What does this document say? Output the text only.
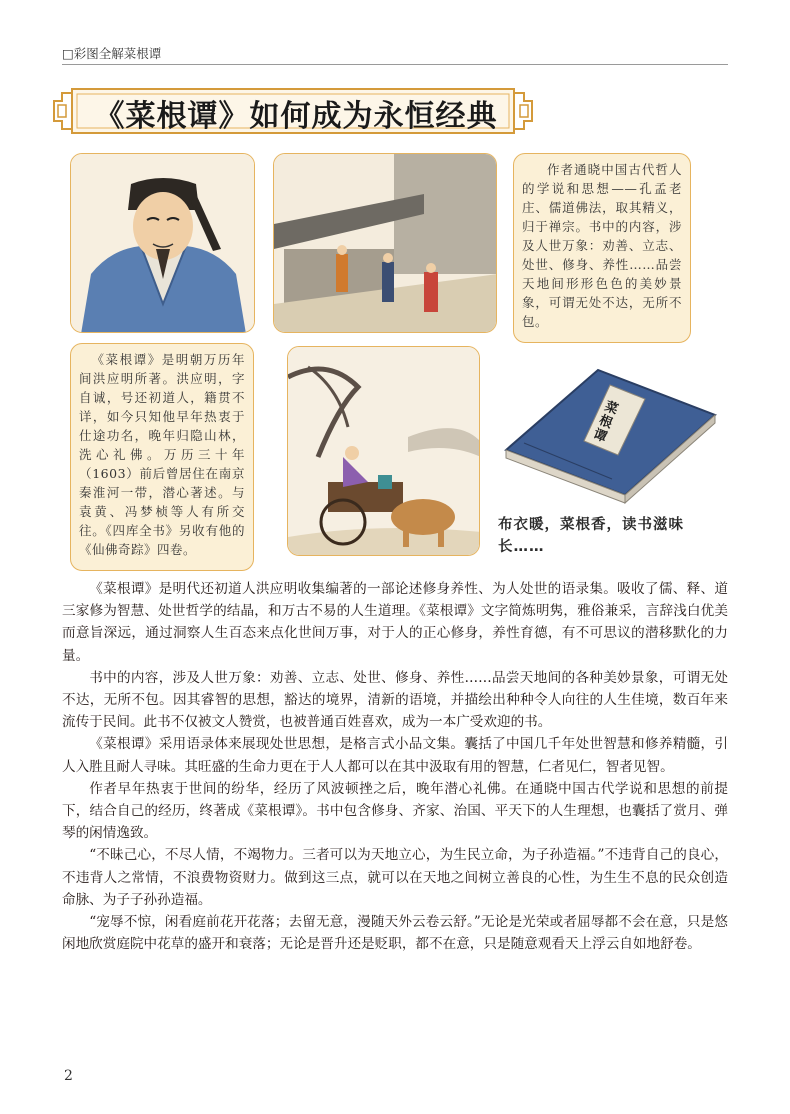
□彩图全解菜根谭
《菜根谭》如何成为永恒经典
作者通晓中国古代哲人的学说和思想——孔孟老庄、儒道佛法，取其精义，归于禅宗。书中的内容，涉及人世万象：劝善、立志、处世、修身、养性……品尝天地间形形色色的美妙景象，可谓无处不达，无所不包。
《菜根谭》是明朝万历年间洪应明所著。洪应明，字自诚，号还初道人，籍贯不详，如今只知他早年热衷于仕途功名，晚年归隐山林，洗心礼佛。万历三十年（1603）前后曾居住在南京秦淮河一带，潜心著述。与袁黄、冯梦桢等人有所交往。《四库全书》另收有他的《仙佛奇踪》四卷。
菜根谭
布衣暖，菜根香，读书滋味长……

《菜根谭》是明代还初道人洪应明收集编著的一部论述修身养性、为人处世的语录集。吸收了儒、释、道三家修为智慧、处世哲学的结晶，和万古不易的人生道理。《菜根谭》文字简炼明隽，雅俗兼采，言辞浅白优美而意旨深远，通过洞察人生百态来点化世间万事，对于人的正心修身，养性育德，有不可思议的潜移默化的力量。

书中的内容，涉及人世万象：劝善、立志、处世、修身、养性……品尝天地间的各种美妙景象，可谓无处不达，无所不包。因其睿智的思想，豁达的境界，清新的语境，并描绘出种种令人向往的人生佳境，数百年来流传于民间。此书不仅被文人赞赏，也被普通百姓喜欢，成为一本广受欢迎的书。

《菜根谭》采用语录体来展现处世思想，是格言式小品文集。囊括了中国几千年处世智慧和修养精髓，引人入胜且耐人寻味。其旺盛的生命力更在于人人都可以在其中汲取有用的智慧，仁者见仁，智者见智。

作者早年热衷于世间的纷华，经历了风波顿挫之后，晚年潜心礼佛。在通晓中国古代学说和思想的前提下，结合自己的经历，终著成《菜根谭》。书中包含修身、齐家、治国、平天下的人生理想，也囊括了赏月、弹琴的闲情逸致。

“不昧己心，不尽人情，不竭物力。三者可以为天地立心，为生民立命，为子孙造福。”不违背自己的良心，不违背人之常情，不浪费物资财力。做到这三点，就可以在天地之间树立善良的心性，为生生不息的民众创造命脉、为子子孙孙造福。

“宠辱不惊，闲看庭前花开花落；去留无意，漫随天外云卷云舒。”无论是光荣或者屈辱都不会在意，只是悠闲地欣赏庭院中花草的盛开和衰落；无论是晋升还是贬职，都不在意，只是随意观看天上浮云自如地舒卷。

2
